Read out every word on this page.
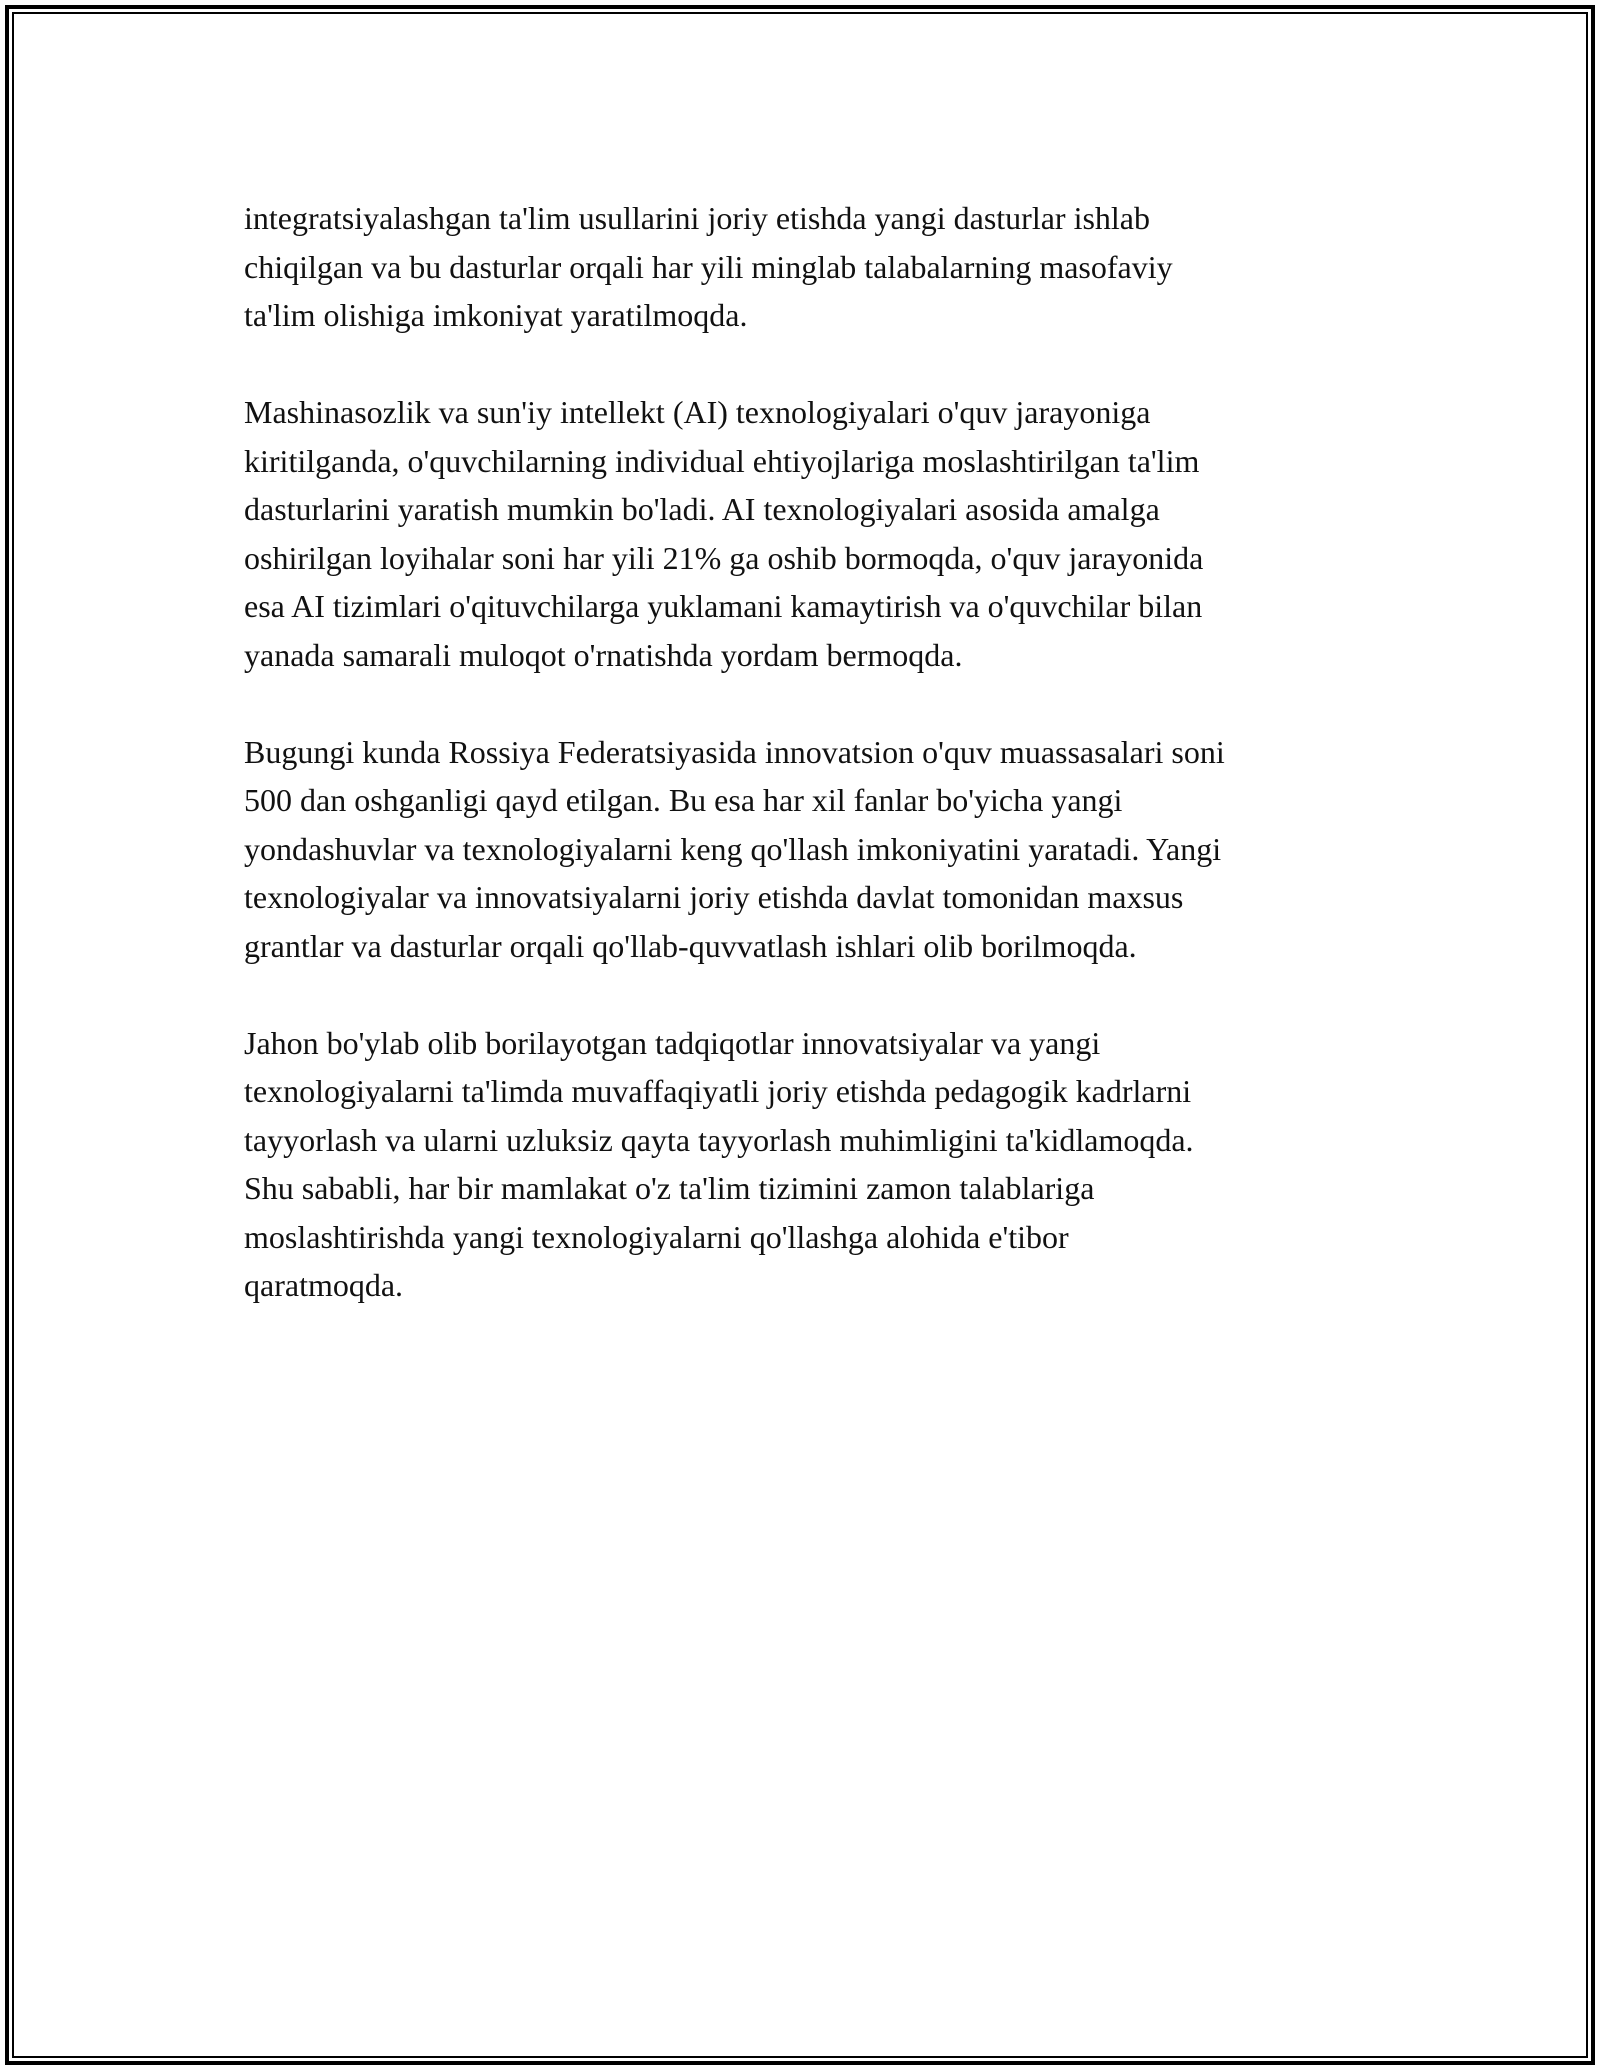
integratsiyalashgan ta'lim usullarini joriy etishda yangi dasturlar ishlab
chiqilgan va bu dasturlar orqali har yili minglab talabalarning masofaviy
ta'lim olishiga imkoniyat yaratilmoqda.

Mashinasozlik va sun'iy intellekt (AI) texnologiyalari o'quv jarayoniga
kiritilganda, o'quvchilarning individual ehtiyojlariga moslashtirilgan ta'lim
dasturlarini yaratish mumkin bo'ladi. AI texnologiyalari asosida amalga
oshirilgan loyihalar soni har yili 21% ga oshib bormoqda, o'quv jarayonida
esa AI tizimlari o'qituvchilarga yuklamani kamaytirish va o'quvchilar bilan
yanada samarali muloqot o'rnatishda yordam bermoqda.

Bugungi kunda Rossiya Federatsiyasida innovatsion o'quv muassasalari soni
500 dan oshganligi qayd etilgan. Bu esa har xil fanlar bo'yicha yangi
yondashuvlar va texnologiyalarni keng qo'llash imkoniyatini yaratadi. Yangi
texnologiyalar va innovatsiyalarni joriy etishda davlat tomonidan maxsus
grantlar va dasturlar orqali qo'llab-quvvatlash ishlari olib borilmoqda.

Jahon bo'ylab olib borilayotgan tadqiqotlar innovatsiyalar va yangi
texnologiyalarni ta'limda muvaffaqiyatli joriy etishda pedagogik kadrlarni
tayyorlash va ularni uzluksiz qayta tayyorlash muhimligini ta'kidlamoqda.
Shu sababli, har bir mamlakat o'z ta'lim tizimini zamon talablariga
moslashtirishda yangi texnologiyalarni qo'llashga alohida e'tibor
qaratmoqda.
